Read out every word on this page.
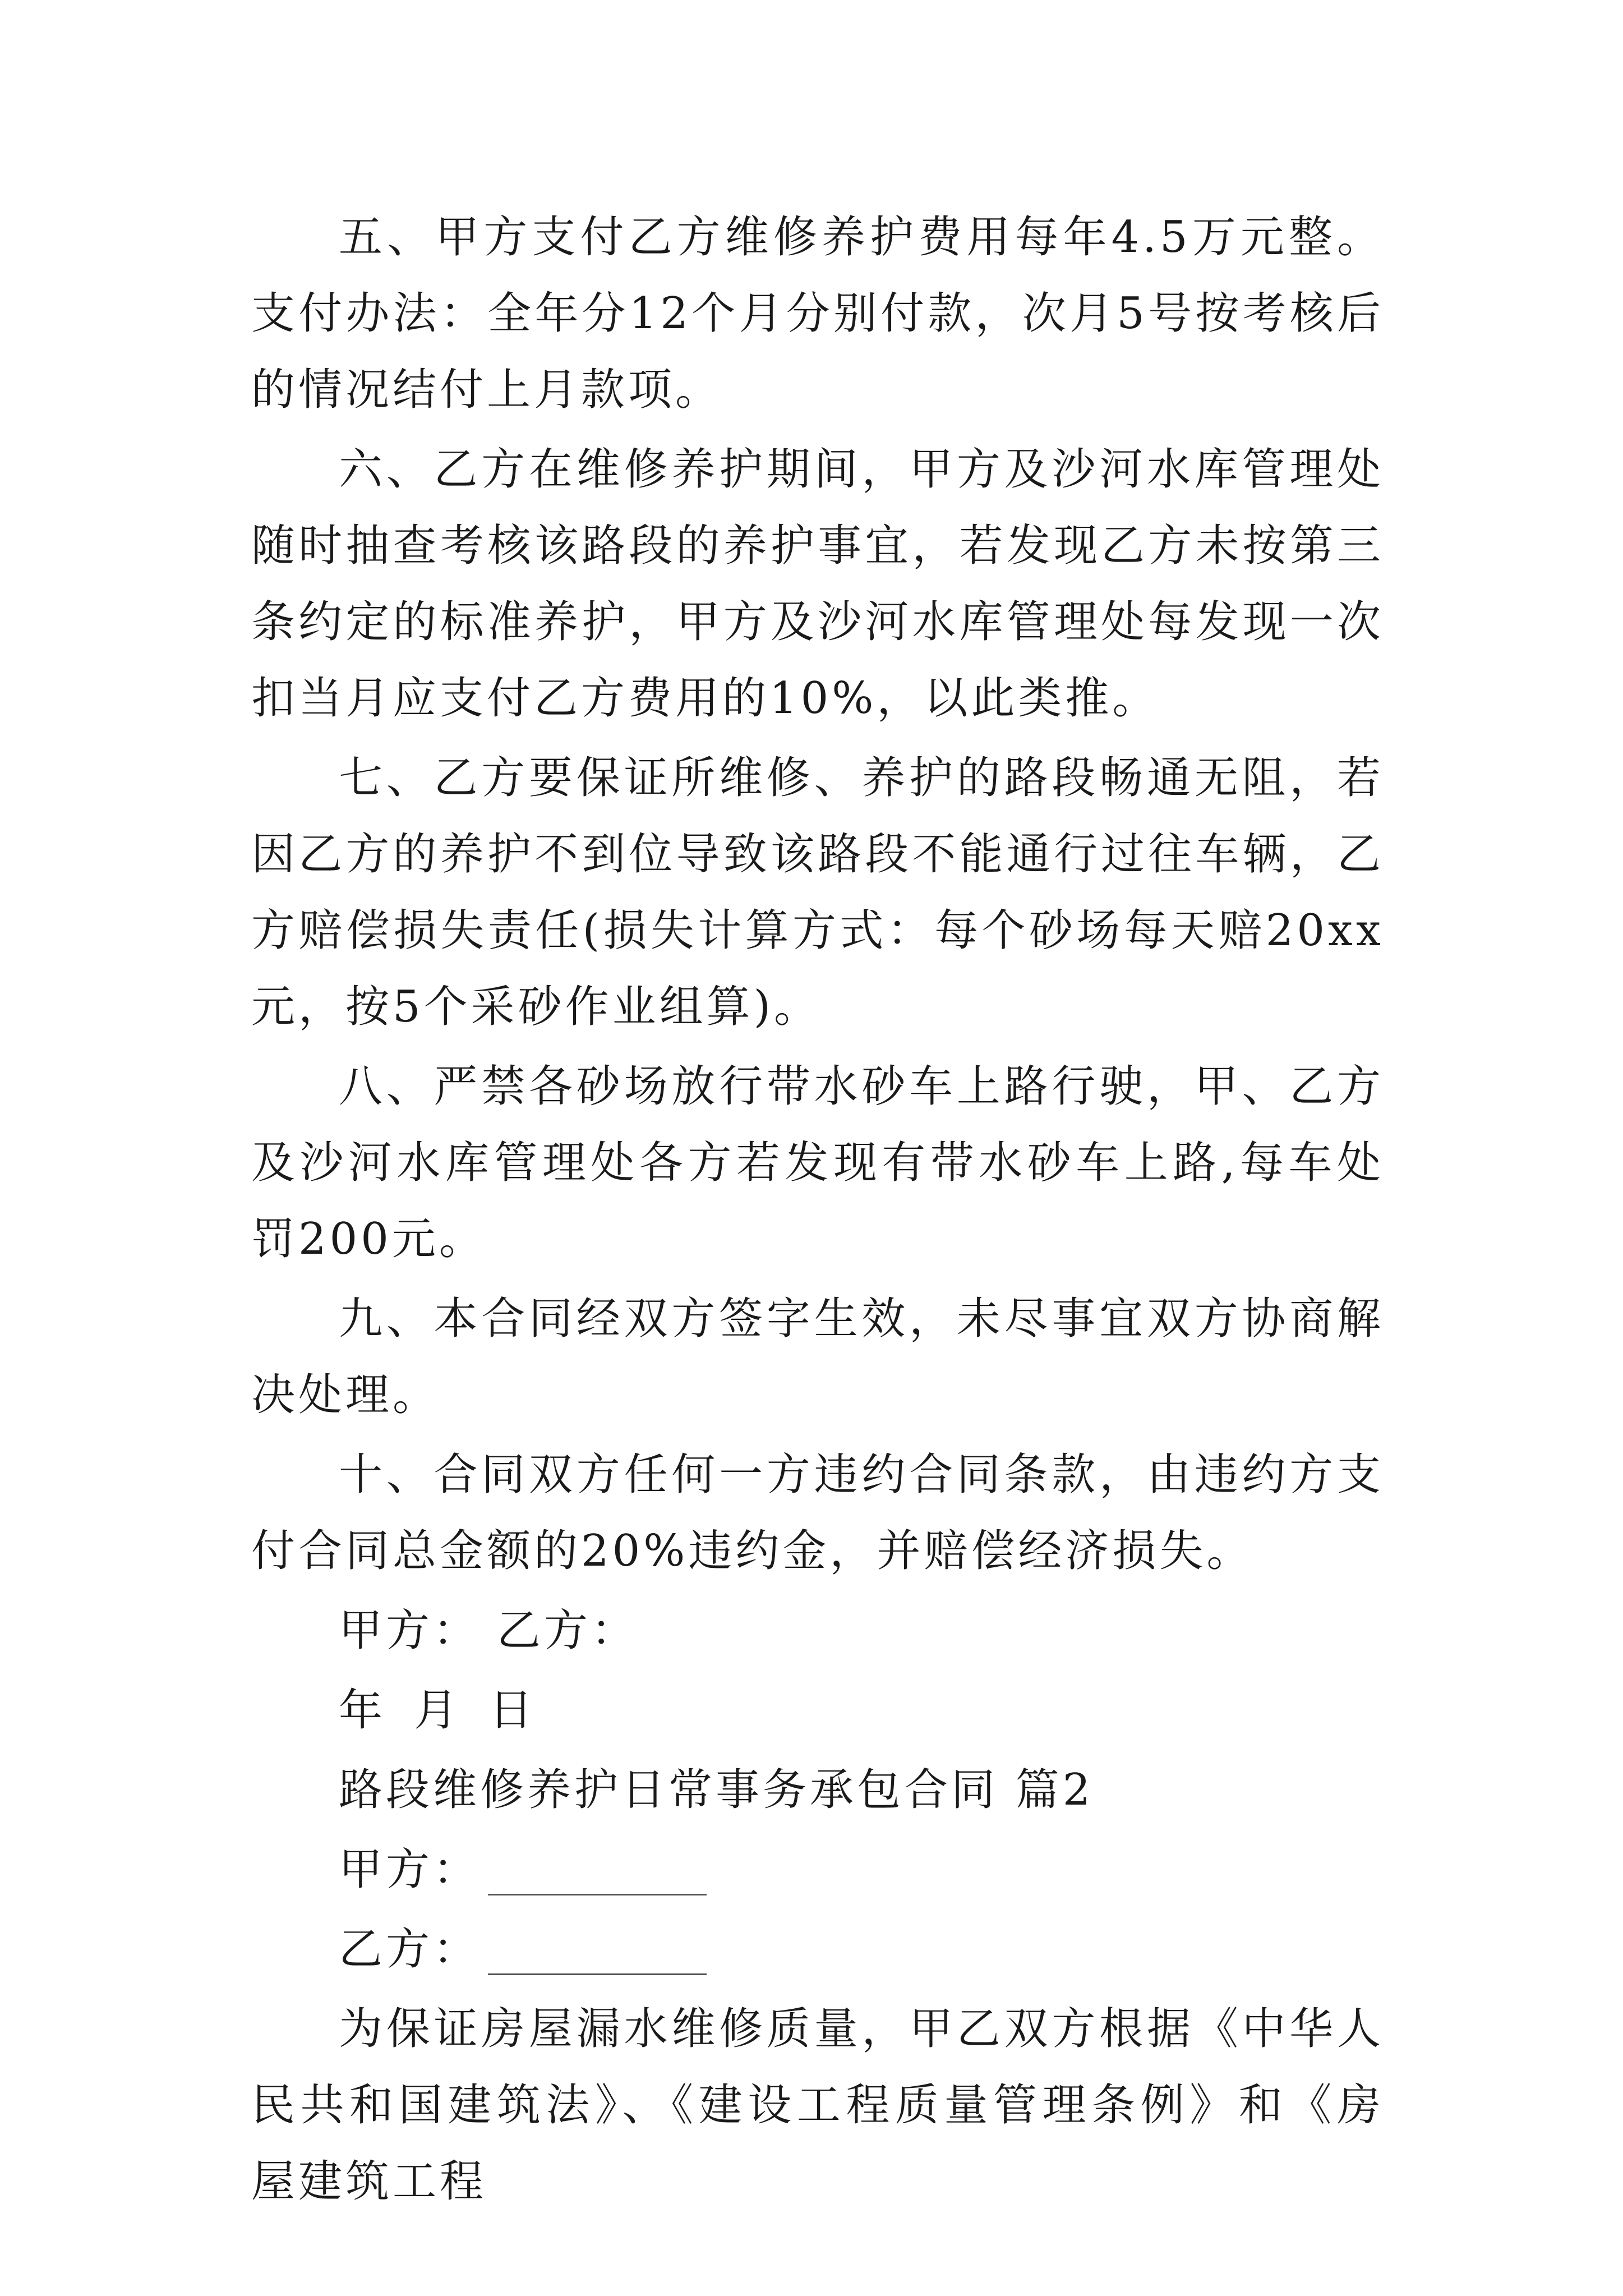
五、甲方支付乙方维修养护费用每年4.5万元整。支付办法：全年分12个月分别付款，次月5号按考核后的情况结付上月款项。

六、乙方在维修养护期间，甲方及沙河水库管理处随时抽查考核该路段的养护事宜，若发现乙方未按第三条约定的标准养护，甲方及沙河水库管理处每发现一次扣当月应支付乙方费用的10%，以此类推。

七、乙方要保证所维修、养护的路段畅通无阻，若因乙方的养护不到位导致该路段不能通行过往车辆，乙方赔偿损失责任(损失计算方式：每个砂场每天赔20xx元，按5个采砂作业组算)。

八、严禁各砂场放行带水砂车上路行驶，甲、乙方及沙河水库管理处各方若发现有带水砂车上路,每车处罚200元。

九、本合同经双方签字生效，未尽事宜双方协商解决处理。

十、合同双方任何一方违约合同条款，由违约方支付合同总金额的20%违约金，并赔偿经济损失。

甲方： 乙方：
年 月 日
路段维修养护日常事务承包合同 篇2
甲方：
乙方：

为保证房屋漏水维修质量，甲乙双方根据《中华人民共和国建筑法》、《建设工程质量管理条例》和《房屋建筑工程
